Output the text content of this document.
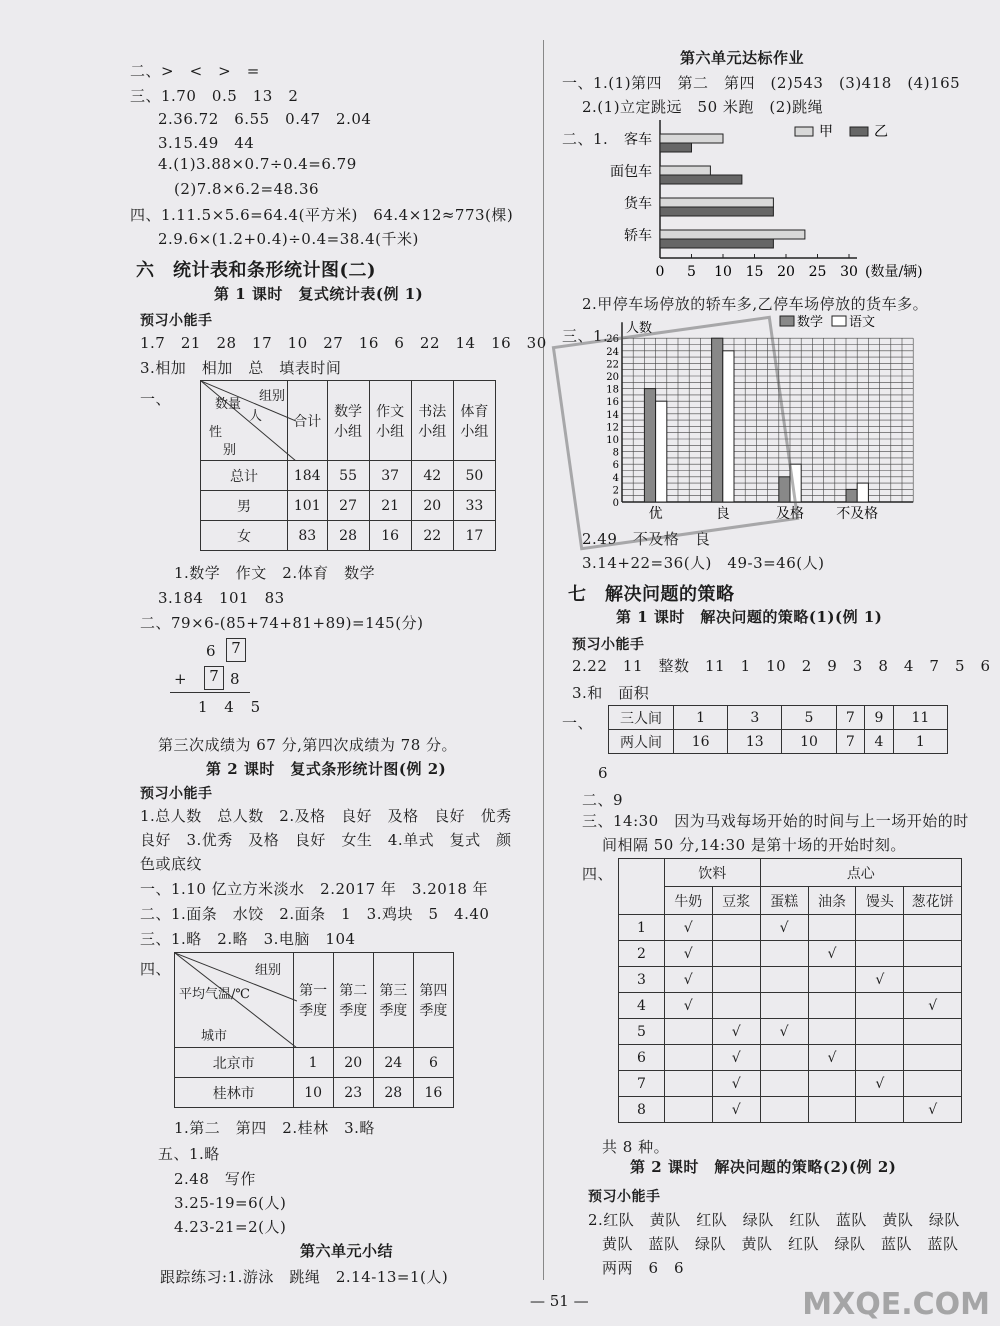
二、>　<　>　=
三、1.70　0.5　13　2
2.36.72　6.55　0.47　2.04
3.15.49　44
4.(1)3.88×0.7÷0.4=6.79
(2)7.8×6.2=48.36
四、1.11.5×5.6=64.4(平方米)　64.4×12≈773(棵)
2.9.6×(1.2+0.4)÷0.4=38.4(千米)
六　统计表和条形统计图(二)
第 1 课时　复式统计表(例 1)
预习小能手
1.7　21　28　17　10　27　16　6　22　14　16　30
3.相加　相加　总　填表时间
一、	组别
数量
人
性
别	合计	数学小组	作文小组	书法小组	体育小组
总计	184	55	37	42	50
男	101	27	21	20	33
女	83	28	16	22	17
1.数学　作文　2.体育　数学
3.184　101　83
二、79×6-(85+74+81+89)=145(分)
6	7
+	7 8
1 4 5
第三次成绩为 67 分,第四次成绩为 78 分。
第 2 课时　复式条形统计图(例 2)
预习小能手
1.总人数　总人数　2.及格　良好　及格　良好　优秀
良好　3.优秀　及格　良好　女生　4.单式　复式　颜
色或底纹
一、1.10 亿立方米淡水　2.2017 年　3.2018 年
二、1.面条　水饺　2.面条　1　3.鸡块　5　4.40
三、1.略　2.略　3.电脑　104
四、	组别
平均气温/℃
城市	第一季度	第二季度	第三季度	第四季度
北京市	1	20	24	6
桂林市	10	23	28	16
1.第二　第四　2.桂林　3.略
五、1.略
2.48　写作
3.25-19=6(人)
4.23-21=2(人)
第六单元小结
跟踪练习:1.游泳　跳绳　2.14-13=1(人)
第六单元达标作业
一、1.(1)第四　第二　第四　(2)543　(3)418　(4)165
2.(1)立定跳远　50 米跑　(2)跳绳
二、1.
0 5 10 15 20 25 30 (数量/辆)
客车
面包车
货车
轿车
甲	乙
2.甲停车场停放的轿车多,乙停车场停放的货车多。
三、1.
0
2
4
6
8
10
12
14
16
18
20
22
24
26
人数
优	良	及格 不及格
数学 语文
2.49　不及格　良
3.14+22=36(人)　49-3=46(人)
七　解决问题的策略
第 1 课时　解决问题的策略(1)(例 1)
预习小能手
2.22　11　整数　11　1　10　2　9　3　8　4　7　5　6
3.和　面积
一、 三人间	1	3	5	7	9	11
两人间	16	13	10	7	4	1
6
二、9
三、14:30　因为马戏每场开始的时间与上一场开始的时
间相隔 50 分,14:30 是第十场的开始时刻。
四、
		饮料		点心			
	牛奶	豆浆	蛋糕	油条	馒头	葱花饼
1	√		√			
2	√			√		
3	√				√	
4	√					√
5		√	√			
6		√		√		
7		√			√	
8		√				√
共 8 种。
第 2 课时　解决问题的策略(2)(例 2)
预习小能手
2.红队　黄队　红队　绿队　红队　蓝队　黄队　绿队
黄队　蓝队　绿队　黄队　红队　绿队　蓝队　蓝队
两两　6　6
— 51 —	MXQE.COM
